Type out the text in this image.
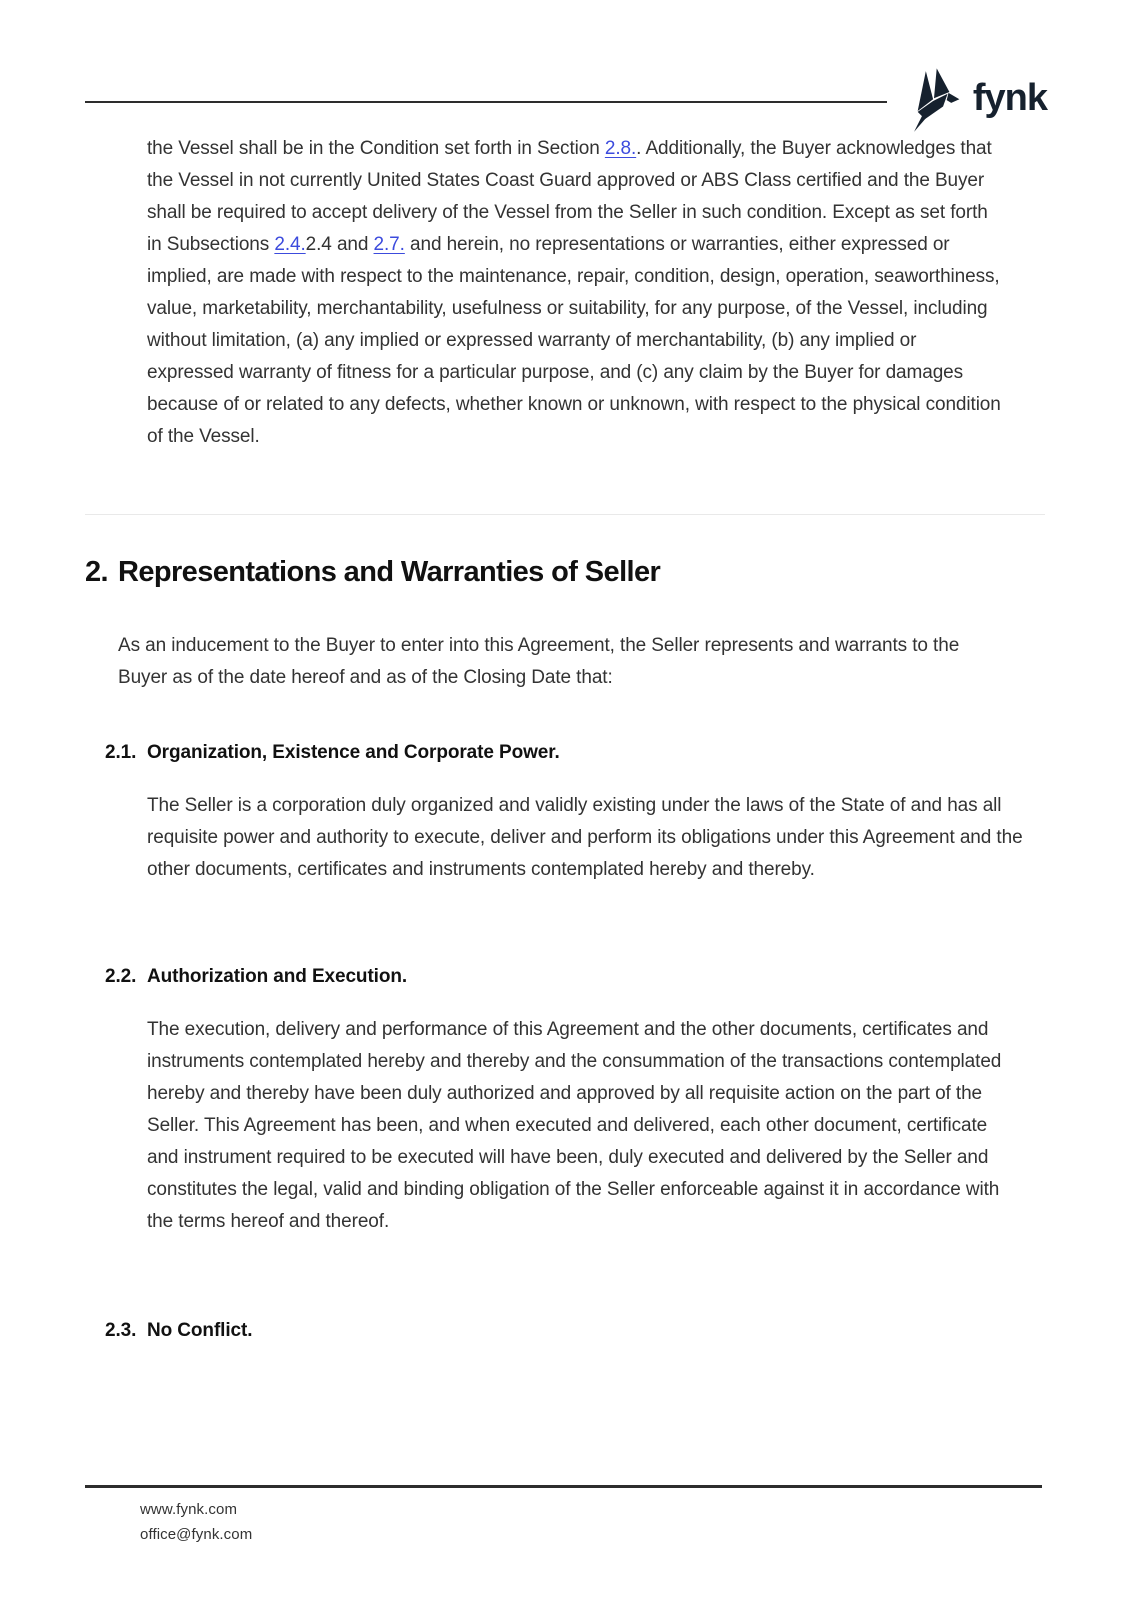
fynk

the Vessel shall be in the Condition set forth in Section 2.8.. Additionally, the Buyer acknowledges that the Vessel in not currently United States Coast Guard approved or ABS Class certified and the Buyer shall be required to accept delivery of the Vessel from the Seller in such condition. Except as set forth in Subsections 2.4.2.4 and 2.7. and herein, no representations or warranties, either expressed or implied, are made with respect to the maintenance, repair, condition, design, operation, seaworthiness, value, marketability, merchantability, usefulness or suitability, for any purpose, of the Vessel, including without limitation, (a) any implied or expressed warranty of merchantability, (b) any implied or expressed warranty of fitness for a particular purpose, and (c) any claim by the Buyer for damages because of or related to any defects, whether known or unknown, with respect to the physical condition of the Vessel.

2. Representations and Warranties of Seller

As an inducement to the Buyer to enter into this Agreement, the Seller represents and warrants to the Buyer as of the date hereof and as of the Closing Date that:

2.1. Organization, Existence and Corporate Power.

The Seller is a corporation duly organized and validly existing under the laws of the State of and has all requisite power and authority to execute, deliver and perform its obligations under this Agreement and the other documents, certificates and instruments contemplated hereby and thereby.

2.2. Authorization and Execution.

The execution, delivery and performance of this Agreement and the other documents, certificates and instruments contemplated hereby and thereby and the consummation of the transactions contemplated hereby and thereby have been duly authorized and approved by all requisite action on the part of the Seller. This Agreement has been, and when executed and delivered, each other document, certificate and instrument required to be executed will have been, duly executed and delivered by the Seller and constitutes the legal, valid and binding obligation of the Seller enforceable against it in accordance with the terms hereof and thereof.

2.3. No Conflict.
www.fynk.com
office@fynk.com
